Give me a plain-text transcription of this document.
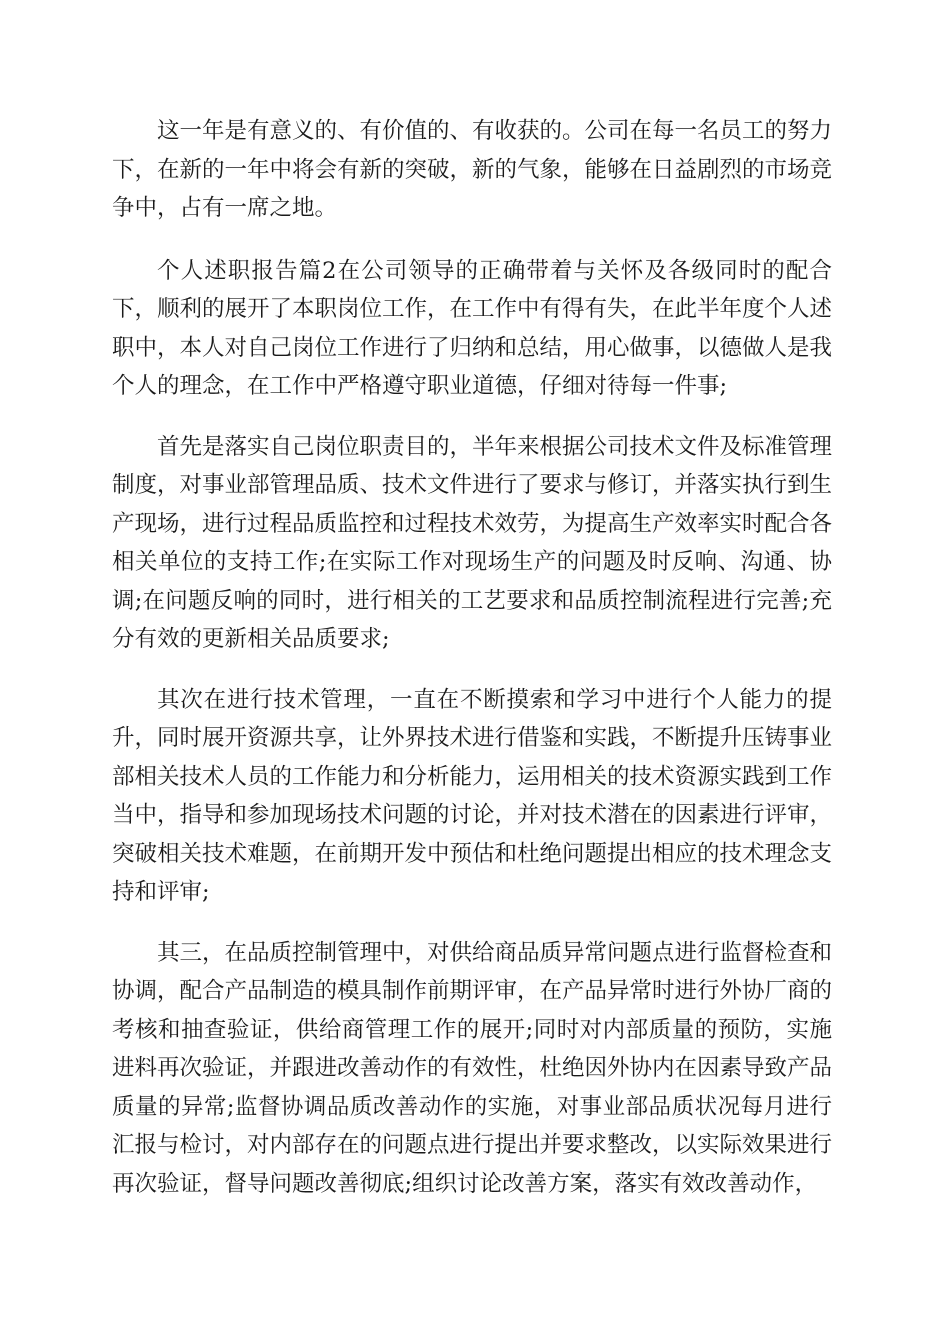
这一年是有意义的、有价值的、有收获的。公司在每一名员工的努力下，在新的一年中将会有新的突破，新的气象，能够在日益剧烈的市场竞争中，占有一席之地。

个人述职报告篇2在公司领导的正确带着与关怀及各级同时的配合下，顺利的展开了本职岗位工作，在工作中有得有失，在此半年度个人述职中，本人对自己岗位工作进行了归纳和总结，用心做事，以德做人是我个人的理念，在工作中严格遵守职业道德，仔细对待每一件事;

首先是落实自己岗位职责目的，半年来根据公司技术文件及标准管理制度，对事业部管理品质、技术文件进行了要求与修订，并落实执行到生产现场，进行过程品质监控和过程技术效劳，为提高生产效率实时配合各相关单位的支持工作;在实际工作对现场生产的问题及时反响、沟通、协调;在问题反响的同时，进行相关的工艺要求和品质控制流程进行完善;充分有效的更新相关品质要求;

其次在进行技术管理，一直在不断摸索和学习中进行个人能力的提升，同时展开资源共享，让外界技术进行借鉴和实践，不断提升压铸事业部相关技术人员的工作能力和分析能力，运用相关的技术资源实践到工作当中，指导和参加现场技术问题的讨论，并对技术潜在的因素进行评审，突破相关技术难题，在前期开发中预估和杜绝问题提出相应的技术理念支持和评审;

其三，在品质控制管理中，对供给商品质异常问题点进行监督检查和协调，配合产品制造的模具制作前期评审，在产品异常时进行外协厂商的考核和抽查验证，供给商管理工作的展开;同时对内部质量的预防，实施进料再次验证，并跟进改善动作的有效性，杜绝因外协内在因素导致产品质量的异常;监督协调品质改善动作的实施，对事业部品质状况每月进行汇报与检讨，对内部存在的问题点进行提出并要求整改，以实际效果进行再次验证，督导问题改善彻底;组织讨论改善方案，落实有效改善动作，
